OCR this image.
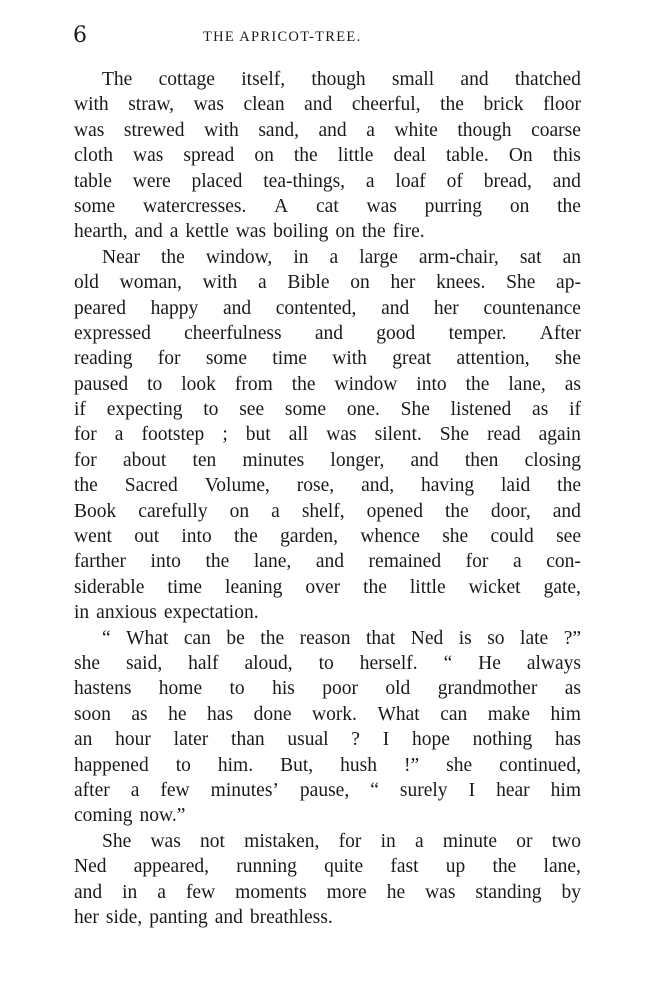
6	THE APRICOT-TREE.
The cottage itself, though small and thatched
with straw, was clean and cheerful, the brick floor
was strewed with sand, and a white though coarse
cloth was spread on the little deal table. On this
table were placed tea-things, a loaf of bread, and
some watercresses. A cat was purring on the
hearth, and a kettle was boiling on the fire.
Near the window, in a large arm-chair, sat an
old woman, with a Bible on her knees. She ap-
peared happy and contented, and her countenance
expressed cheerfulness and good temper. After
reading for some time with great attention, she
paused to look from the window into the lane, as
if expecting to see some one. She listened as if
for a footstep ; but all was silent. She read again
for about ten minutes longer, and then closing
the Sacred Volume, rose, and, having laid the
Book carefully on a shelf, opened the door, and
went out into the garden, whence she could see
farther into the lane, and remained for a con-
siderable time leaning over the little wicket gate,
in anxious expectation.
“ What can be the reason that Ned is so late ?”
she said, half aloud, to herself. “ He always
hastens home to his poor old grandmother as
soon as he has done work. What can make him
an hour later than usual ? I hope nothing has
happened to him. But, hush !” she continued,
after a few minutes’ pause, “ surely I hear him
coming now.”
She was not mistaken, for in a minute or two
Ned appeared, running quite fast up the lane,
and in a few moments more he was standing by
her side, panting and breathless.
